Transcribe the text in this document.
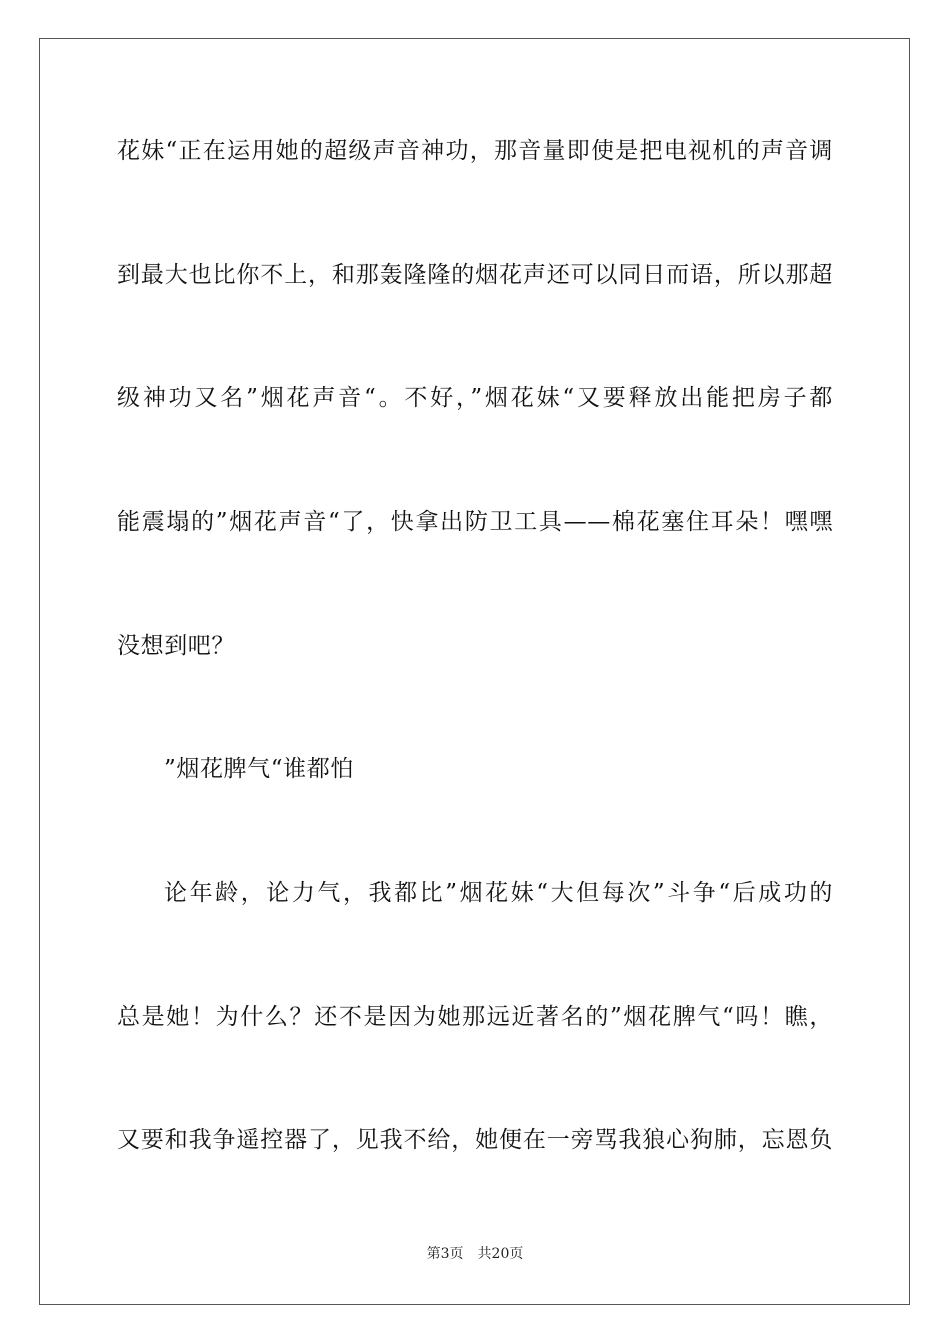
花妹“正在运用她的超级声音神功，那音量即使是把电视机的声音调
到最大也比你不上，和那轰隆隆的烟花声还可以同日而语，所以那超
级神功又名”烟花声音“。不好，”烟花妹“又要释放出能把房子都
能震塌的”烟花声音“了，快拿出防卫工具——棉花塞住耳朵！嘿嘿
没想到吧？
”烟花脾气“谁都怕
论年龄，论力气，我都比”烟花妹“大但每次”斗争“后成功的
总是她！为什么？还不是因为她那远近著名的”烟花脾气“吗！瞧，
又要和我争遥控器了，见我不给，她便在一旁骂我狼心狗肺，忘恩负
第3页 共20页
